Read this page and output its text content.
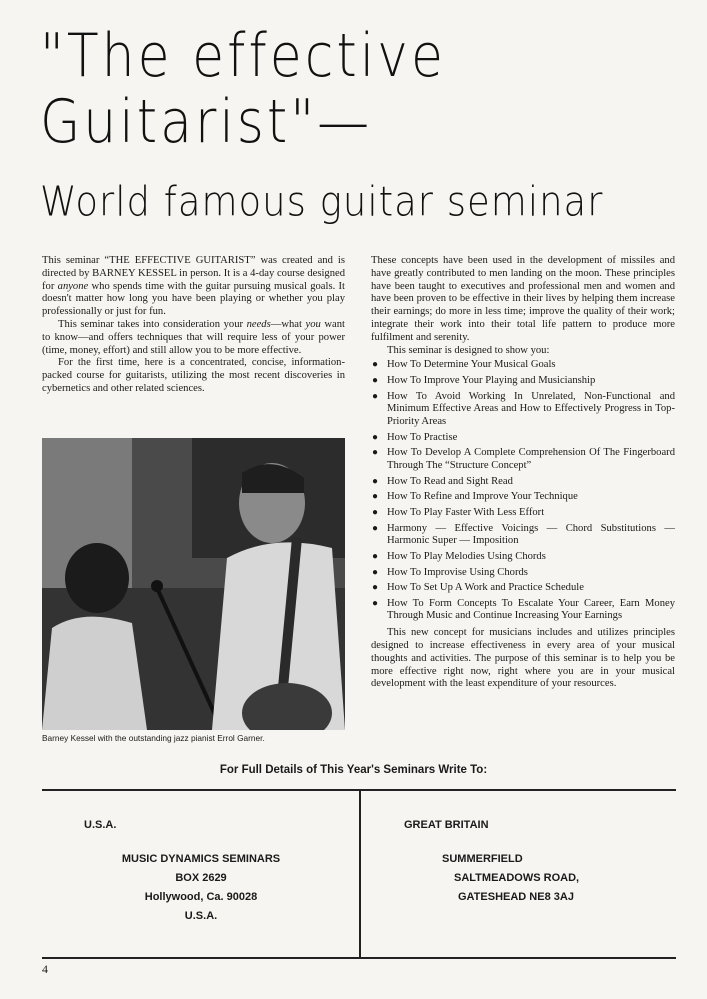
"The effective
Guitarist"—
World famous guitar seminar

This seminar “THE EFFECTIVE GUITARIST” was created and is directed by BARNEY KESSEL in person. It is a 4-day course designed for anyone who spends time with the guitar pursuing musical goals. It doesn't matter how long you have been playing or whether you play professionally or just for fun.

This seminar takes into consideration your needs—what you want to know—and offers techniques that will require less of your power (time, money, effort) and still allow you to be more effective.

For the first time, here is a concentrated, concise, information-packed course for guitarists, utilizing the most recent discoveries in cybernetics and other related sciences.

Barney Kessel with the outstanding jazz pianist Errol Garner.

These concepts have been used in the development of missiles and have greatly contributed to men landing on the moon. These principles have been taught to executives and professional men and women and have been proven to be effective in their lives by helping them increase their earnings; do more in less time; improve the quality of their work; integrate their work into their total life pattern to produce more fulfilment and serenity.

This seminar is designed to show you:

● How To Determine Your Musical Goals
● How To Improve Your Playing and Musicianship
● How To Avoid Working In Unrelated, Non-Functional and Minimum Effective Areas and How to Effectively Progress in Top-Priority Areas
● How To Practise
● How To Develop A Complete Comprehension Of The Fingerboard Through The “Structure Concept”
● How To Read and Sight Read
● How To Refine and Improve Your Technique
● How To Play Faster With Less Effort
● Harmony — Effective Voicings — Chord Substitutions — Harmonic Super — Imposition
● How To Play Melodies Using Chords
● How To Improvise Using Chords
● How To Set Up A Work and Practice Schedule
● How To Form Concepts To Escalate Your Career, Earn Money Through Music and Continue Increasing Your Earnings

This new concept for musicians includes and utilizes principles designed to increase effectiveness in every area of your musical thoughts and activities. The purpose of this seminar is to help you be more effective right now, right where you are in your musical development with the least expenditure of your resources.

For Full Details of This Year's Seminars Write To:
U.S.A.
MUSIC DYNAMICS SEMINARS
BOX 2629
Hollywood, Ca. 90028
U.S.A.
GREAT BRITAIN
SUMMERFIELD
SALTMEADOWS ROAD,
GATESHEAD NE8 3AJ
4
